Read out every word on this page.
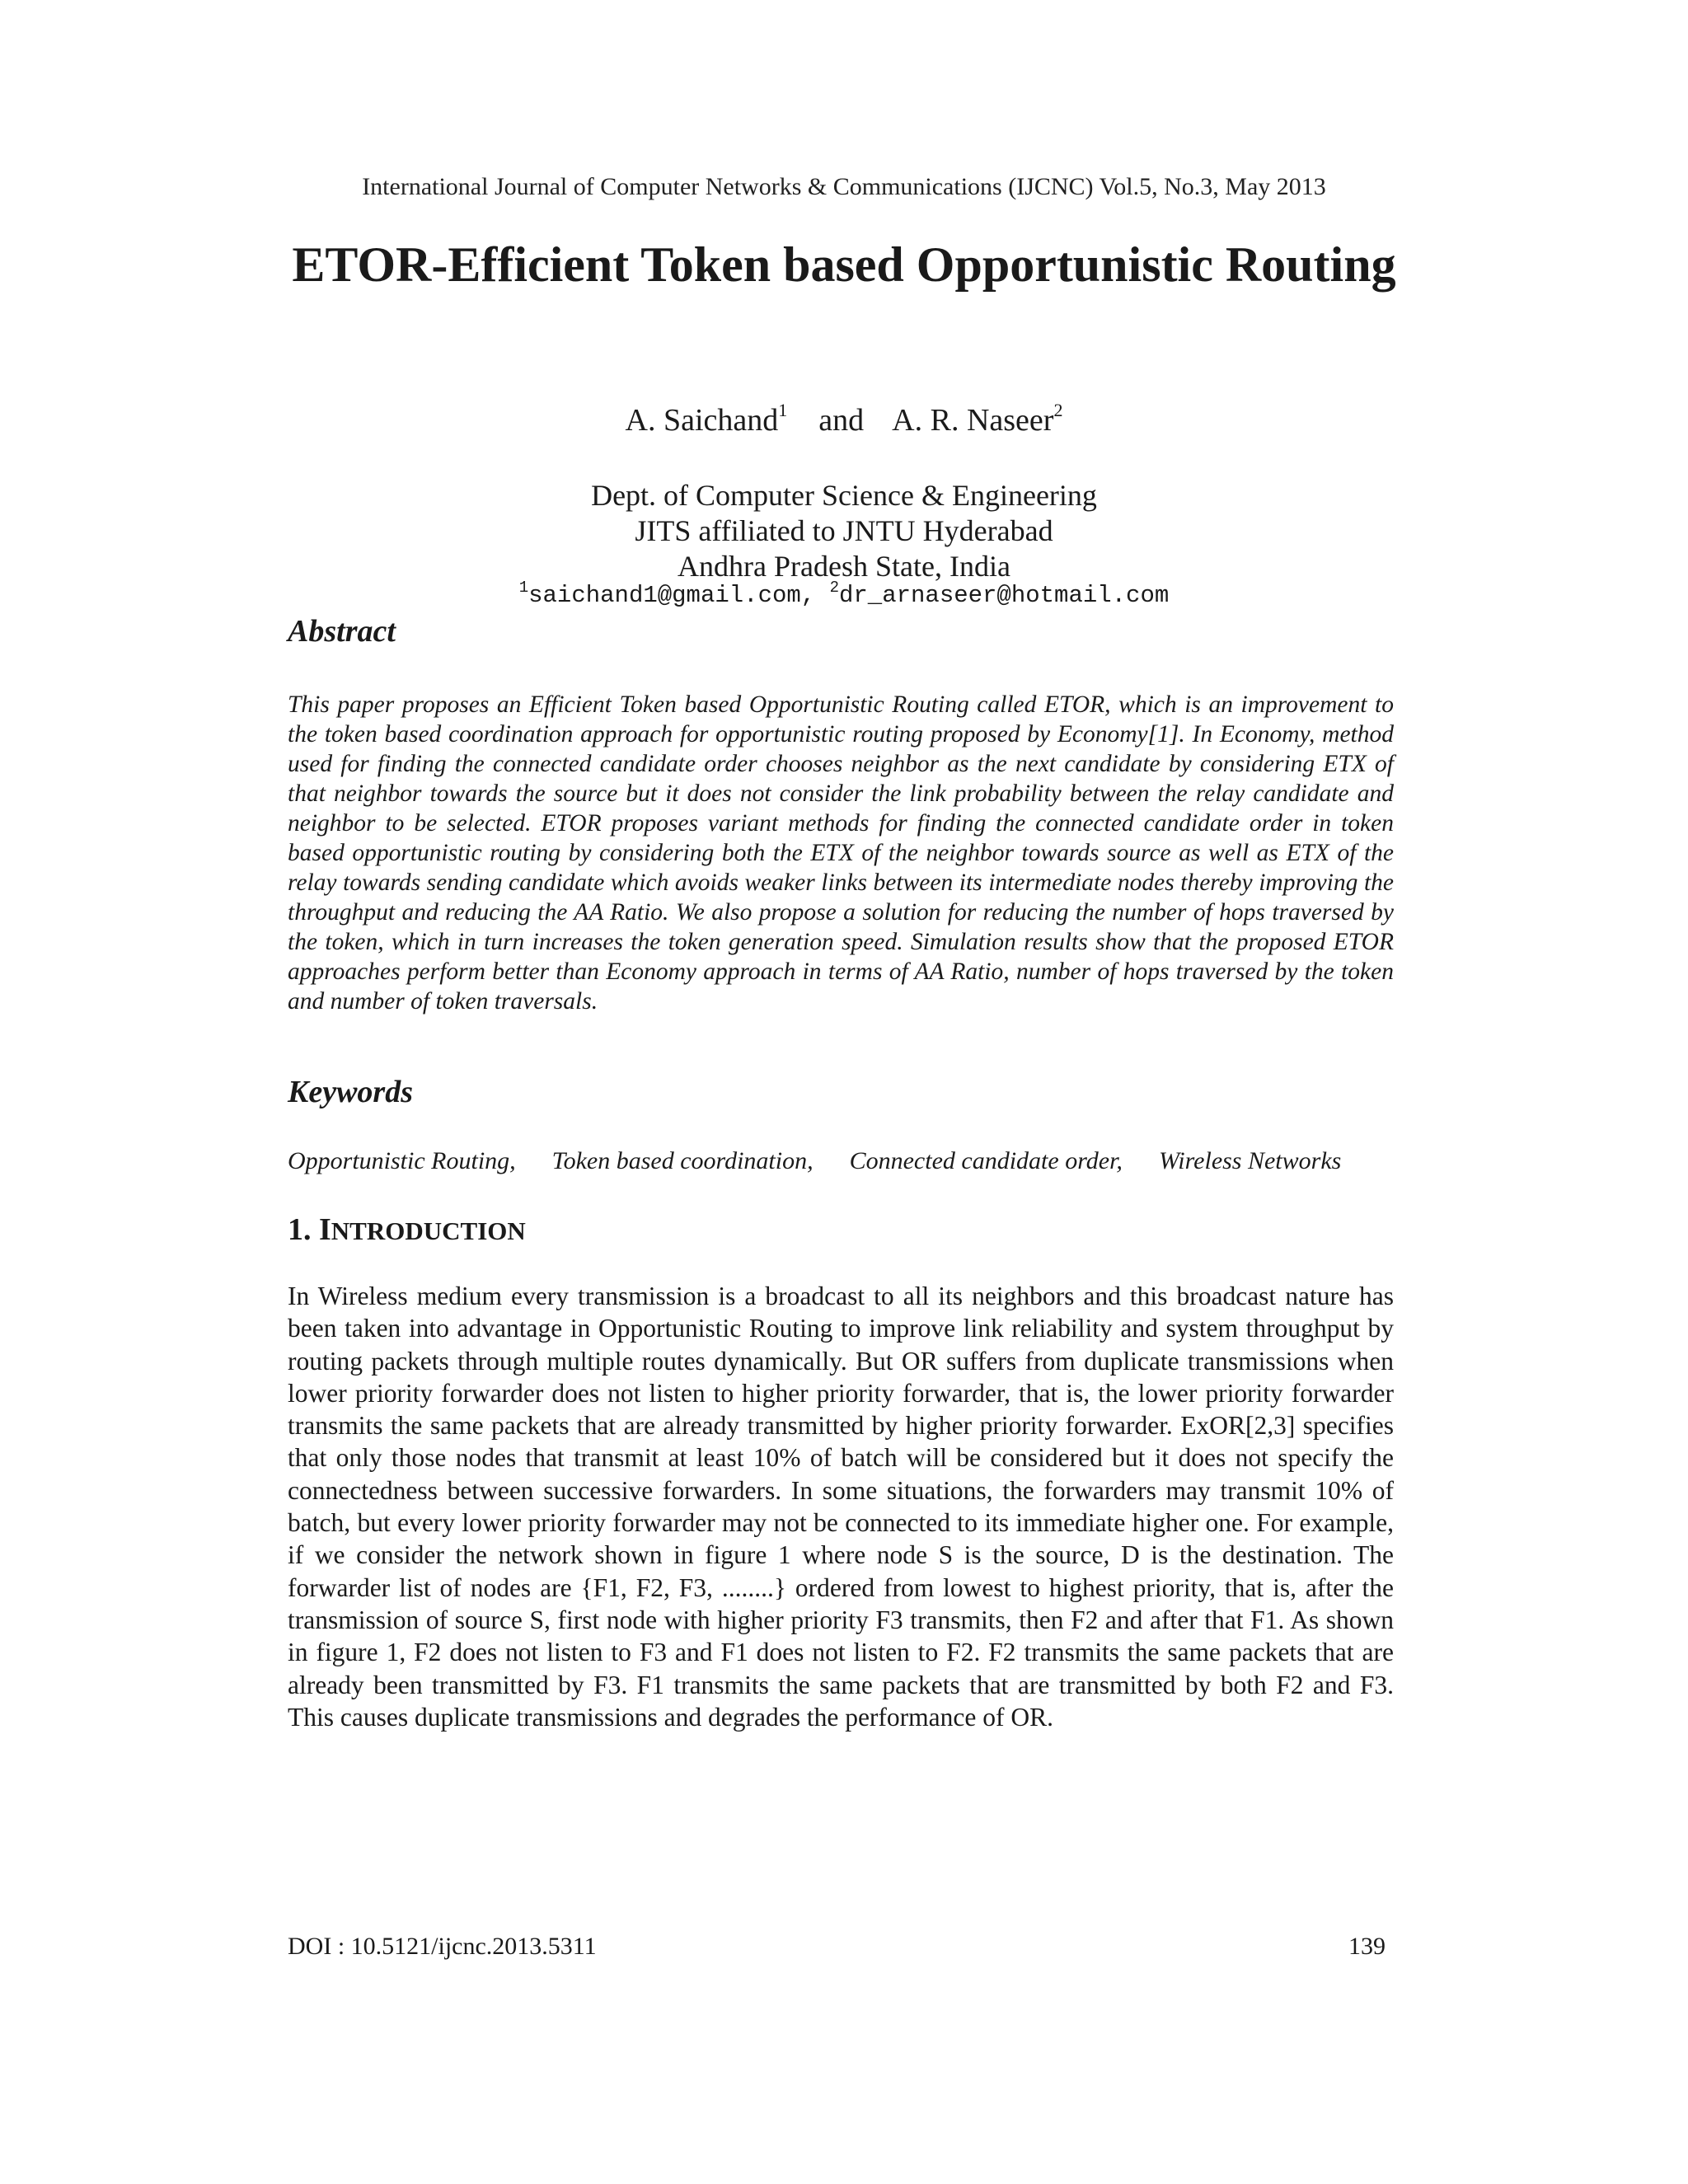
International Journal of Computer Networks & Communications (IJCNC) Vol.5, No.3, May 2013
ETOR-Efficient Token based Opportunistic Routing
A. Saichand$^1$ and A. R. Naseer$^2$
Dept. of Computer Science & Engineering
JITS affiliated to JNTU Hyderabad
Andhra Pradesh State, India
$^1$saichand1@gmail.com, $^2$dr_arnaseer@hotmail.com
Abstract
This paper proposes an Efficient Token based Opportunistic Routing called ETOR, which is an improvement to the token based coordination approach for opportunistic routing proposed by Economy[1]. In Economy, method used for finding the connected candidate order chooses neighbor as the next candidate by considering ETX of that neighbor towards the source but it does not consider the link probability between the relay candidate and neighbor to be selected. ETOR proposes variant methods for finding the connected candidate order in token based opportunistic routing by considering both the ETX of the neighbor towards source as well as ETX of the relay towards sending candidate which avoids weaker links between its intermediate nodes thereby improving the throughput and reducing the AA Ratio. We also propose a solution for reducing the number of hops traversed by the token, which in turn increases the token generation speed. Simulation results show that the proposed ETOR approaches perform better than Economy approach in terms of AA Ratio, number of hops traversed by the token and number of token traversals.
Keywords
Opportunistic Routing, Token based coordination, Connected candidate order, Wireless Networks
1. INTRODUCTION
In Wireless medium every transmission is a broadcast to all its neighbors and this broadcast nature has been taken into advantage in Opportunistic Routing to improve link reliability and system throughput by routing packets through multiple routes dynamically. But OR suffers from duplicate transmissions when lower priority forwarder does not listen to higher priority forwarder, that is, the lower priority forwarder transmits the same packets that are already transmitted by higher priority forwarder. ExOR[2,3] specifies that only those nodes that transmit at least 10% of batch will be considered but it does not specify the connectedness between successive forwarders. In some situations, the forwarders may transmit 10% of batch, but every lower priority forwarder may not be connected to its immediate higher one. For example, if we consider the network shown in figure 1 where node S is the source, D is the destination. The forwarder list of nodes are {F1, F2, F3, ........} ordered from lowest to highest priority, that is, after the transmission of source S, first node with higher priority F3 transmits, then F2 and after that F1. As shown in figure 1, F2 does not listen to F3 and F1 does not listen to F2. F2 transmits the same packets that are already been transmitted by F3. F1 transmits the same packets that are transmitted by both F2 and F3. This causes duplicate transmissions and degrades the performance of OR.
DOI : 10.5121/ijcnc.2013.5311	139
